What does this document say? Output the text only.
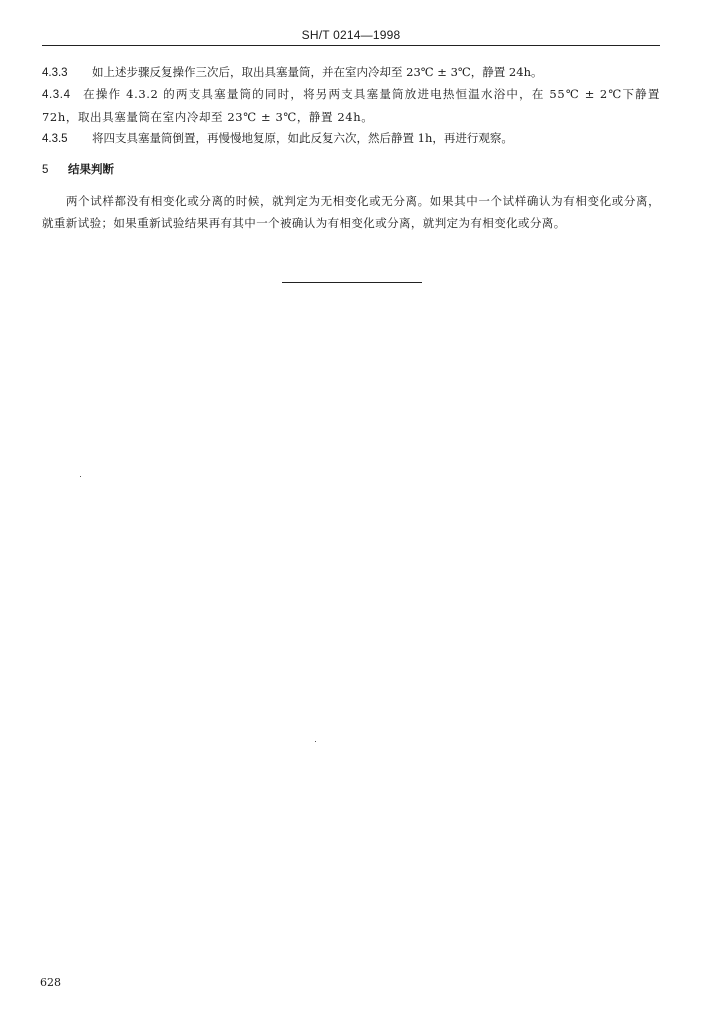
SH/T 0214—1998
4.3.3 如上述步骤反复操作三次后，取出具塞量筒，并在室内冷却至 23℃ ± 3℃，静置 24h。
4.3.4 在操作 4.3.2 的两支具塞量筒的同时，将另两支具塞量筒放进电热恒温水浴中，在 55℃ ± 2℃下静置 72h，取出具塞量筒在室内冷却至 23℃ ± 3℃，静置 24h。
4.3.5 将四支具塞量筒倒置，再慢慢地复原，如此反复六次，然后静置 1h，再进行观察。
5 结果判断
两个试样都没有相变化或分离的时候，就判定为无相变化或无分离。如果其中一个试样确认为有相变化或分离，就重新试验；如果重新试验结果再有其中一个被确认为有相变化或分离，就判定为有相变化或分离。
628
